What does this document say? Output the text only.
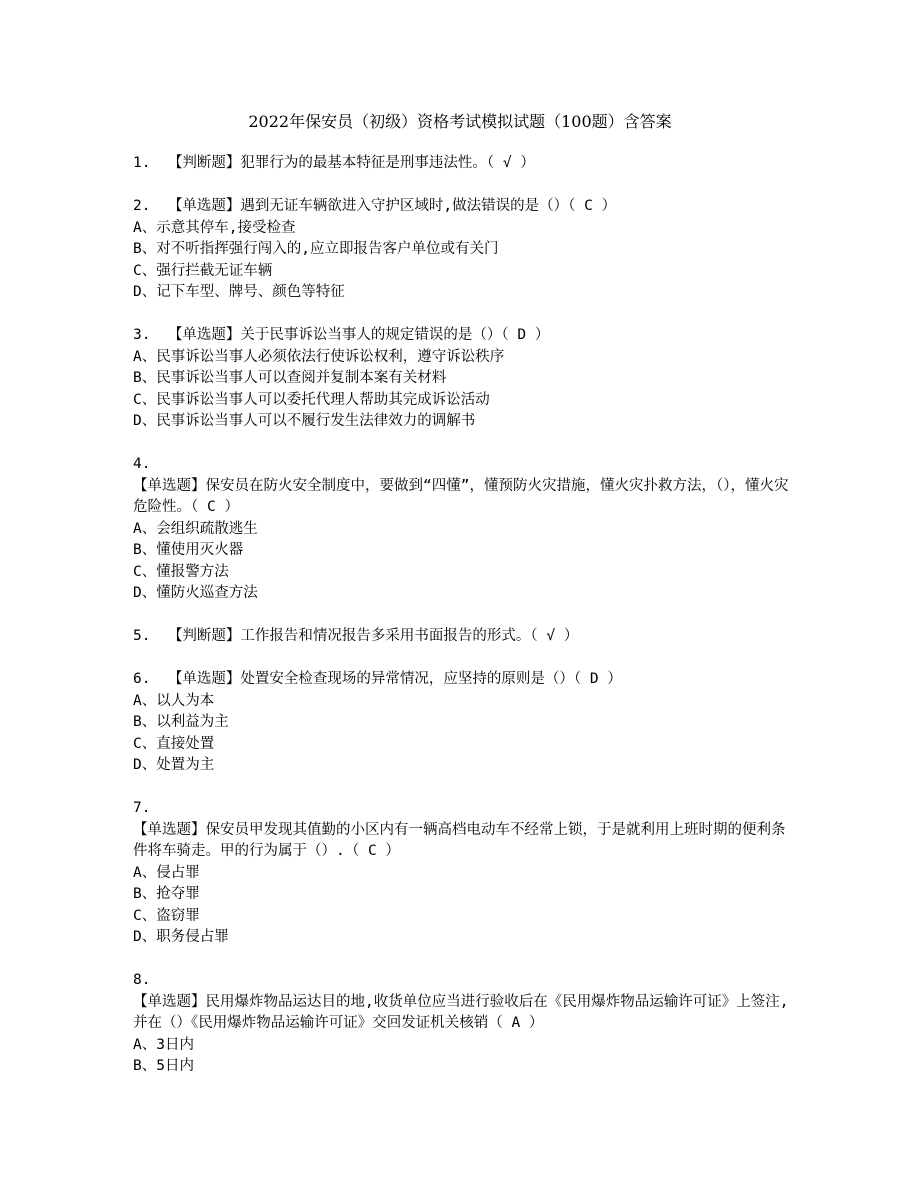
2022年保安员（初级）资格考试模拟试题（100题）含答案
1. 【判断题】犯罪行为的最基本特征是刑事违法性。（ √ ）
2. 【单选题】遇到无证车辆欲进入守护区域时,做法错误的是（）（ C ）
A、示意其停车,接受检查
B、对不听指挥强行闯入的,应立即报告客户单位或有关门
C、强行拦截无证车辆
D、记下车型、牌号、颜色等特征
3. 【单选题】关于民事诉讼当事人的规定错误的是（）（ D ）
A、民事诉讼当事人必须依法行使诉讼权利，遵守诉讼秩序
B、民事诉讼当事人可以查阅并复制本案有关材料
C、民事诉讼当事人可以委托代理人帮助其完成诉讼活动
D、民事诉讼当事人可以不履行发生法律效力的调解书
4.
【单选题】保安员在防火安全制度中，要做到“四懂”，懂预防火灾措施，懂火灾扑救方法，（），懂火灾危险性。（ C ）
A、会组织疏散逃生
B、懂使用灭火器
C、懂报警方法
D、懂防火巡查方法
5. 【判断题】工作报告和情况报告多采用书面报告的形式。（ √ ）
6. 【单选题】处置安全检查现场的异常情况，应坚持的原则是（）（ D ）
A、以人为本
B、以利益为主
C、直接处置
D、处置为主
7.
【单选题】保安员甲发现其值勤的小区内有一辆高档电动车不经常上锁，于是就利用上班时期的便利条件将车骑走。甲的行为属于（）.（ C ）
A、侵占罪
B、抢夺罪
C、盗窃罪
D、职务侵占罪
8.
【单选题】民用爆炸物品运达目的地,收货单位应当进行验收后在《民用爆炸物品运输许可证》上签注,并在（）《民用爆炸物品运输许可证》交回发证机关核销（ A ）
A、3日内
B、5日内
